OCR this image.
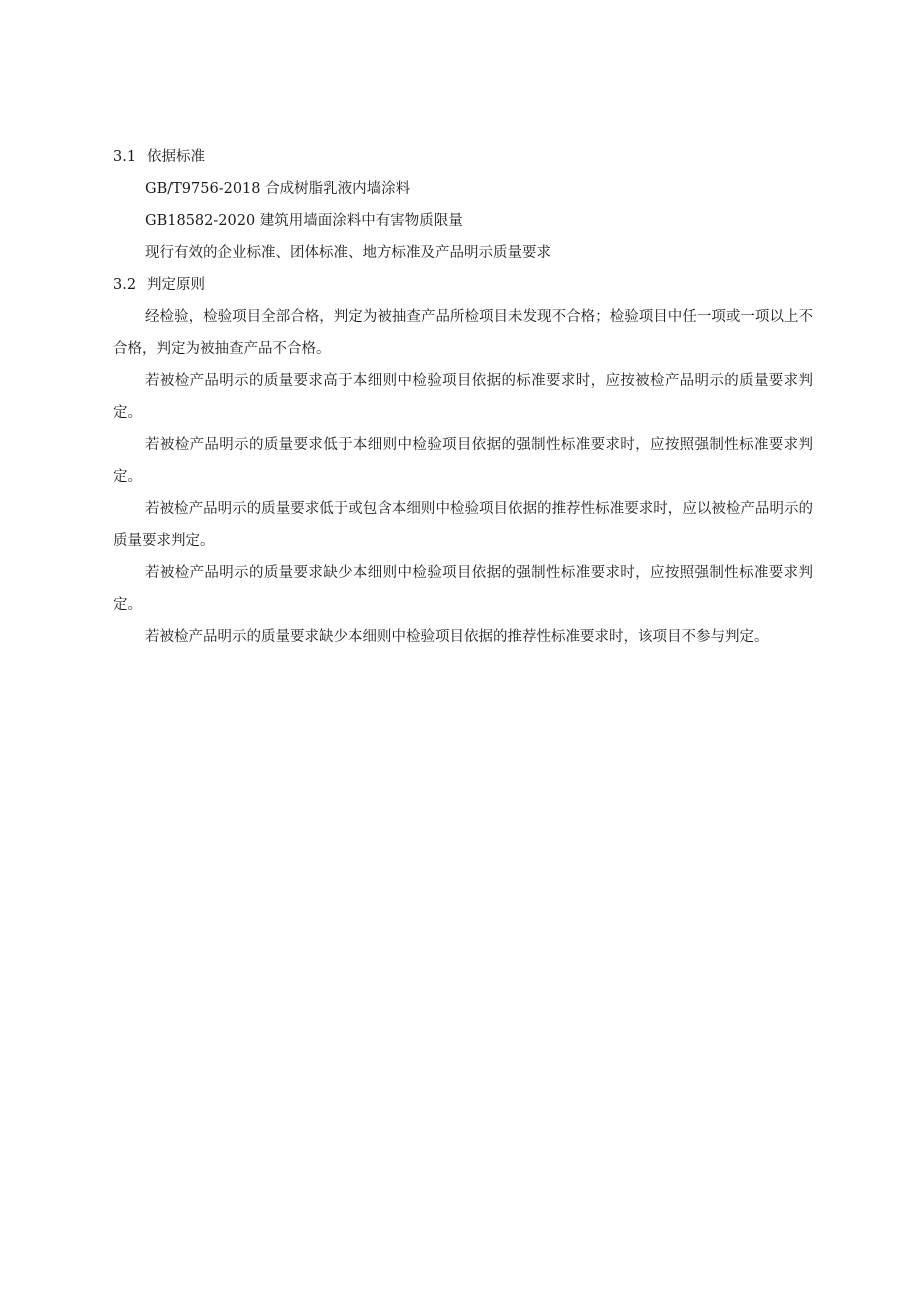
3.1 依据标准

GB/T9756-2018 合成树脂乳液内墙涂料

GB18582-2020 建筑用墙面涂料中有害物质限量

现行有效的企业标准、团体标准、地方标准及产品明示质量要求

3.2 判定原则

经检验，检验项目全部合格，判定为被抽查产品所检项目未发现不合格；检验项目中任一项或一项以上不合格，判定为被抽查产品不合格。

若被检产品明示的质量要求高于本细则中检验项目依据的标准要求时，应按被检产品明示的质量要求判定。

若被检产品明示的质量要求低于本细则中检验项目依据的强制性标准要求时，应按照强制性标准要求判定。

若被检产品明示的质量要求低于或包含本细则中检验项目依据的推荐性标准要求时，应以被检产品明示的质量要求判定。

若被检产品明示的质量要求缺少本细则中检验项目依据的强制性标准要求时，应按照强制性标准要求判定。

若被检产品明示的质量要求缺少本细则中检验项目依据的推荐性标准要求时，该项目不参与判定。
